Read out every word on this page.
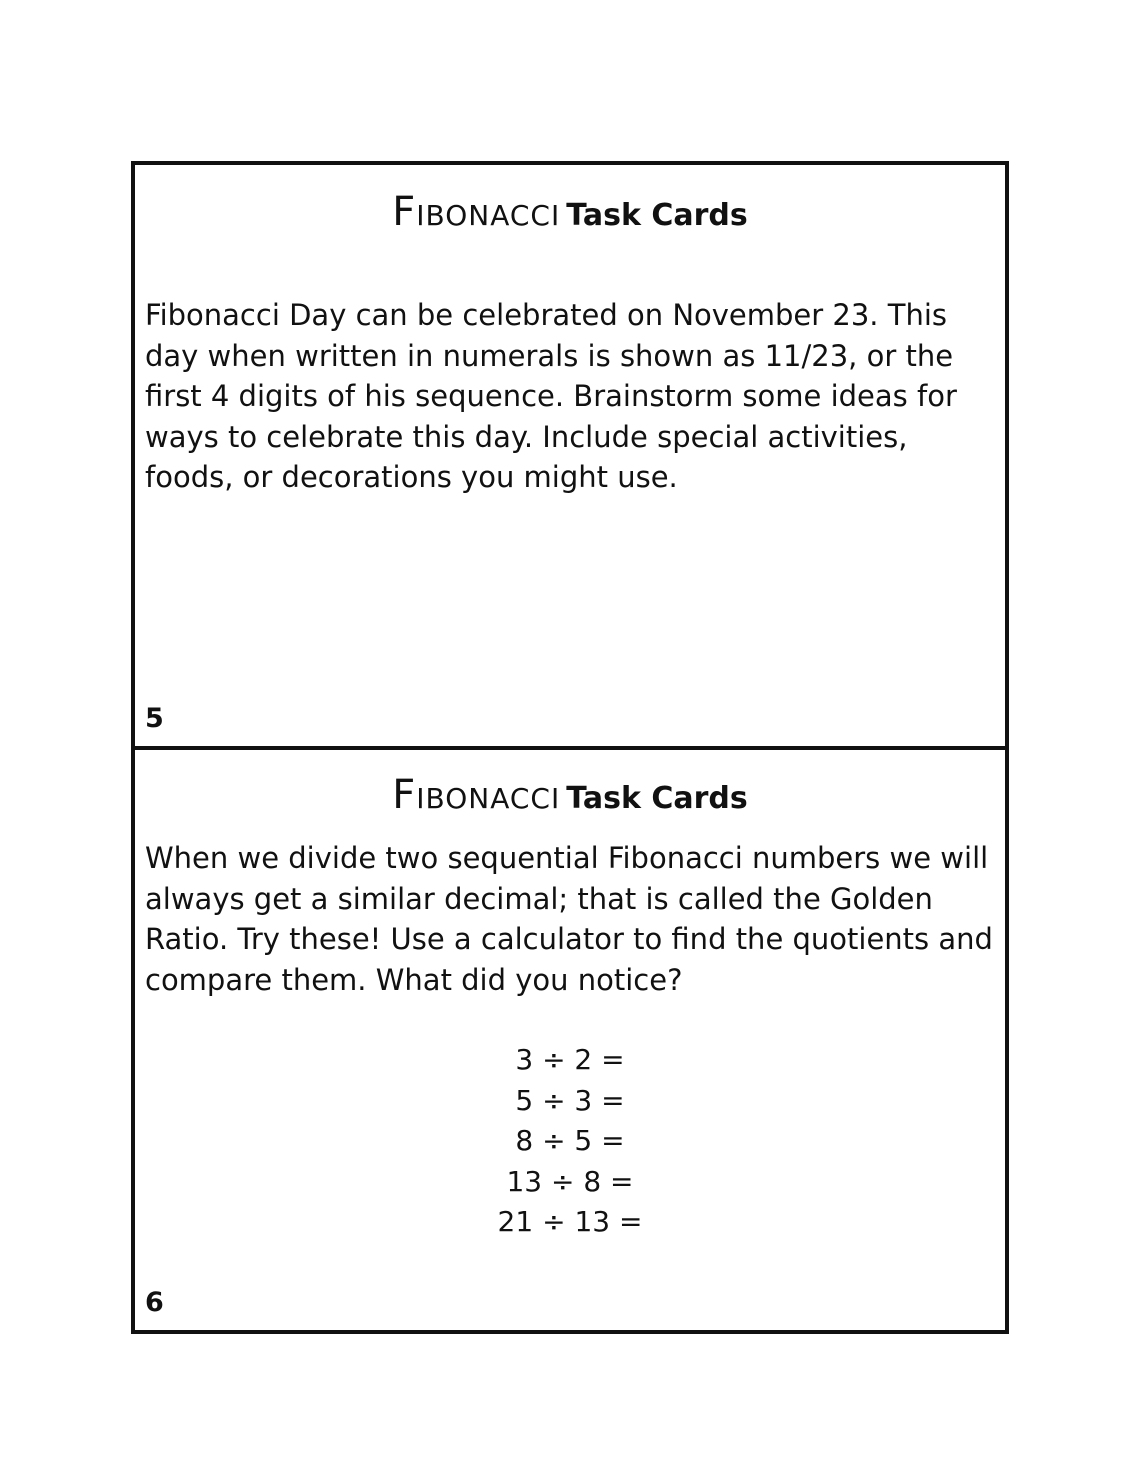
Fibonacci Task Cards

Fibonacci Day can be celebrated on November 23. This day when written in numerals is shown as 11/23, or the first 4 digits of his sequence. Brainstorm some ideas for ways to celebrate this day. Include special activities, foods, or decorations you might use.

5
Fibonacci Task Cards

When we divide two sequential Fibonacci numbers we will always get a similar decimal; that is called the Golden Ratio. Try these! Use a calculator to find the quotients and compare them. What did you notice?

3 ÷ 2 =
5 ÷ 3 =
8 ÷ 5 =
13 ÷ 8 =
21 ÷ 13 =
6
